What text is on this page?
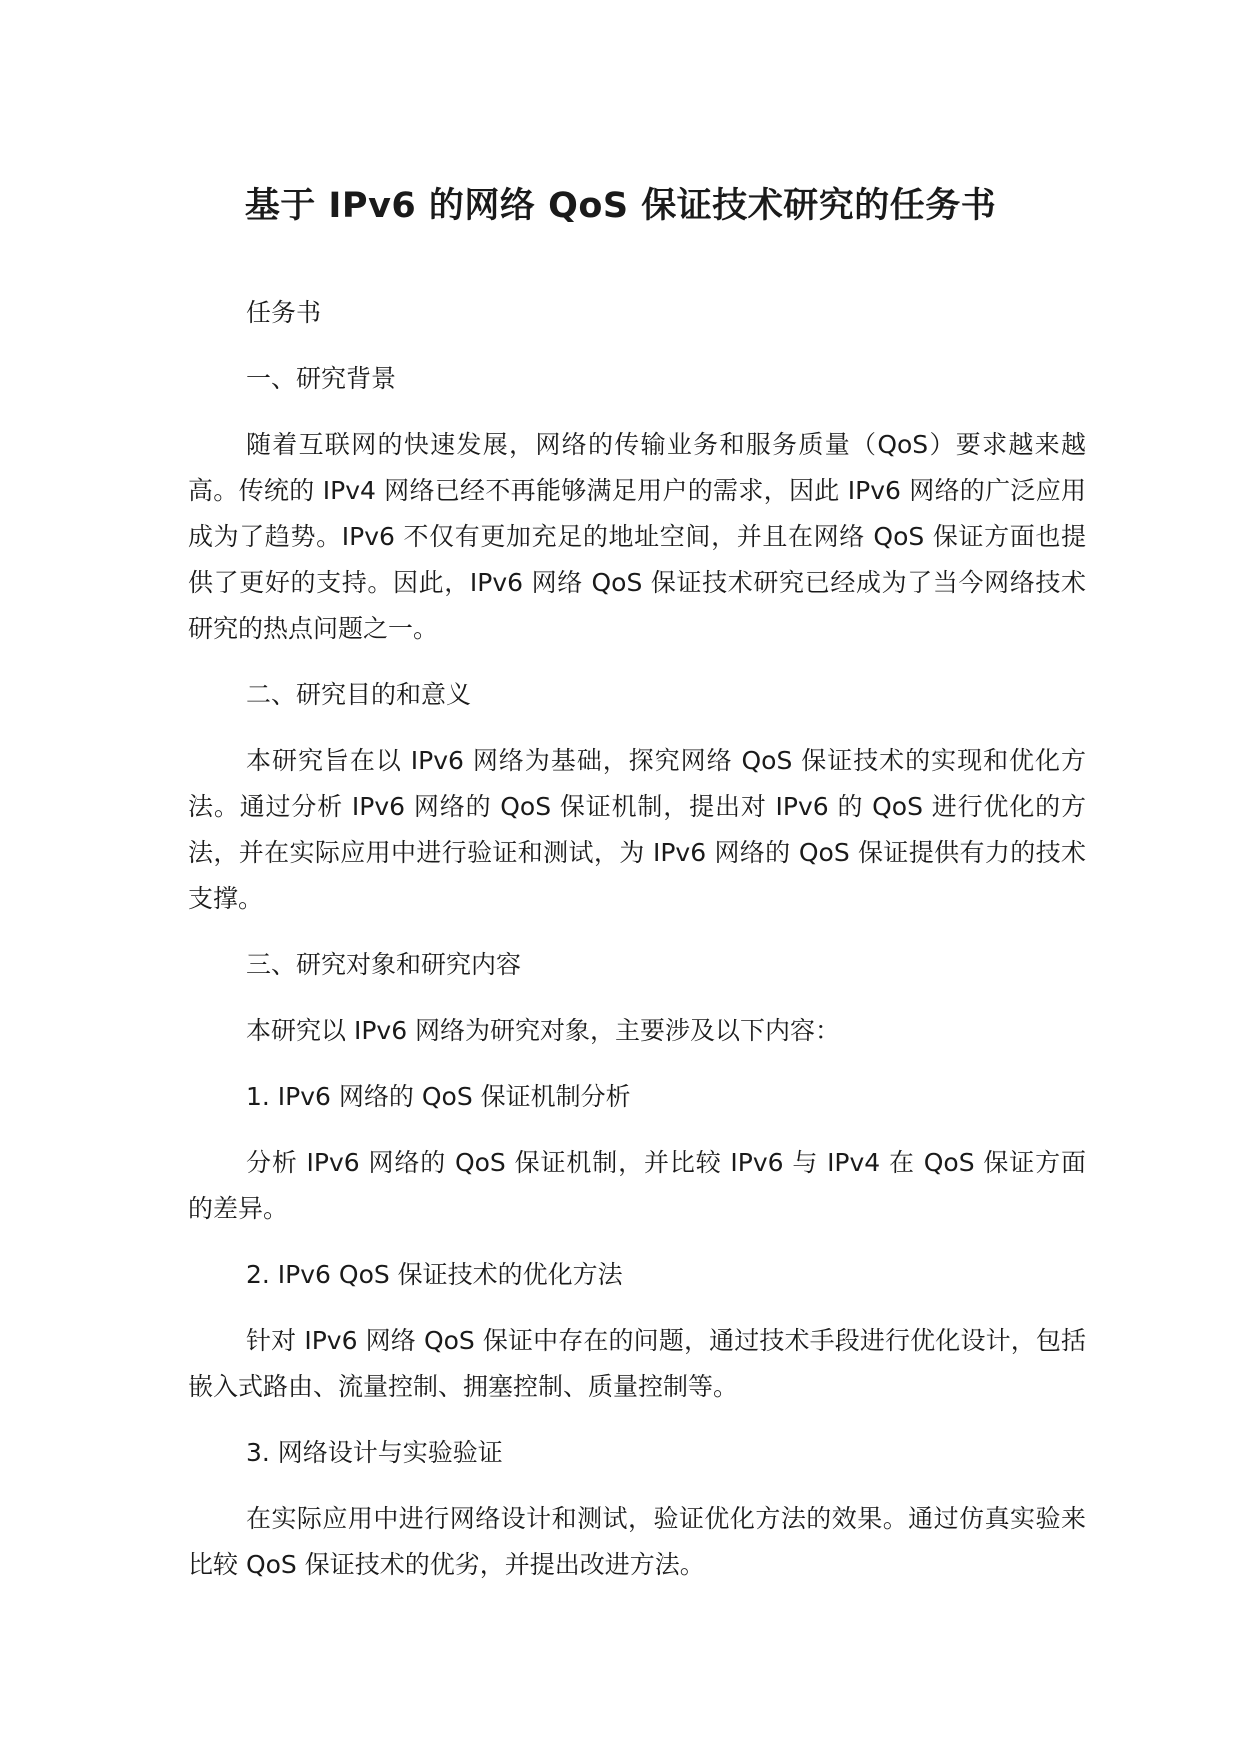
基于 IPv6 的网络 QoS 保证技术研究的任务书

任务书

一、研究背景

随着互联网的快速发展，网络的传输业务和服务质量（QoS）要求越来越高。传统的 IPv4 网络已经不再能够满足用户的需求，因此 IPv6 网络的广泛应用成为了趋势。IPv6 不仅有更加充足的地址空间，并且在网络 QoS 保证方面也提供了更好的支持。因此，IPv6 网络 QoS 保证技术研究已经成为了当今网络技术研究的热点问题之一。

二、研究目的和意义

本研究旨在以 IPv6 网络为基础，探究网络 QoS 保证技术的实现和优化方法。通过分析 IPv6 网络的 QoS 保证机制，提出对 IPv6 的 QoS 进行优化的方法，并在实际应用中进行验证和测试，为 IPv6 网络的 QoS 保证提供有力的技术支撑。

三、研究对象和研究内容

本研究以 IPv6 网络为研究对象，主要涉及以下内容：

1. IPv6 网络的 QoS 保证机制分析

分析 IPv6 网络的 QoS 保证机制，并比较 IPv6 与 IPv4 在 QoS 保证方面的差异。

2. IPv6 QoS 保证技术的优化方法

针对 IPv6 网络 QoS 保证中存在的问题，通过技术手段进行优化设计，包括嵌入式路由、流量控制、拥塞控制、质量控制等。

3. 网络设计与实验验证

在实际应用中进行网络设计和测试，验证优化方法的效果。通过仿真实验来比较 QoS 保证技术的优劣，并提出改进方法。
